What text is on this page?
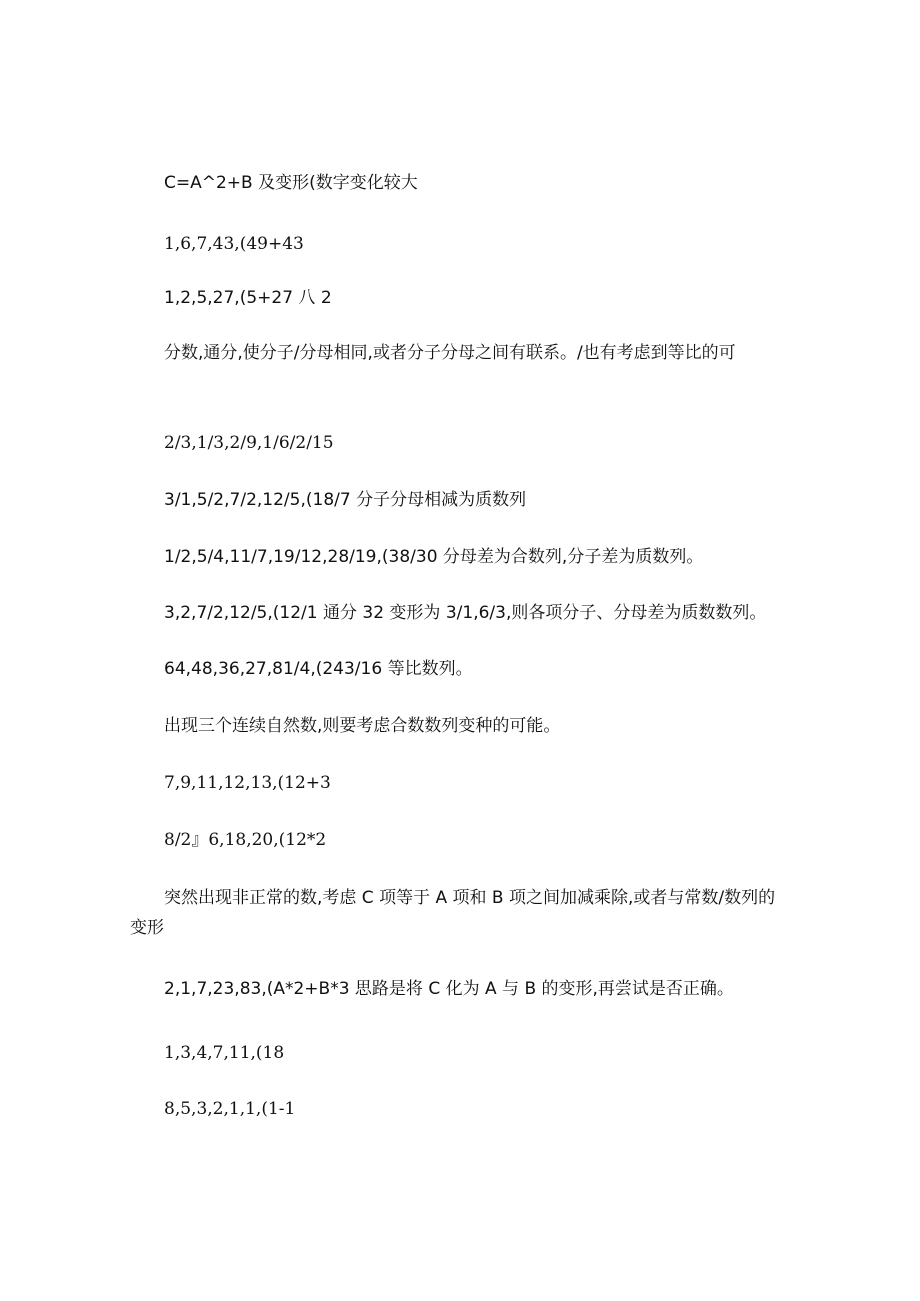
C=A^2+B 及变形(数字变化较大
1,6,7,43,(49+43
1,2,5,27,(5+27 八 2
分数,通分,使分子/分母相同,或者分子分母之间有联系。/也有考虑到等比的可
2/3,1/3,2/9,1/6/2/15
3/1,5/2,7/2,12/5,(18/7 分子分母相减为质数列
1/2,5/4,11/7,19/12,28/19,(38/30 分母差为合数列,分子差为质数列。
3,2,7/2,12/5,(12/1 通分 32 变形为 3/1,6/3,则各项分子、分母差为质数数列。
64,48,36,27,81/4,(243/16 等比数列。
出现三个连续自然数,则要考虑合数数列变种的可能。
7,9,11,12,13,(12+3
8/2』6,18,20,(12*2
突然出现非正常的数,考虑 C 项等于 A 项和 B 项之间加减乘除,或者与常数/数列的变形
2,1,7,23,83,(A*2+B*3 思路是将 C 化为 A 与 B 的变形,再尝试是否正确。
1,3,4,7,11,(18
8,5,3,2,1,1,(1-1
